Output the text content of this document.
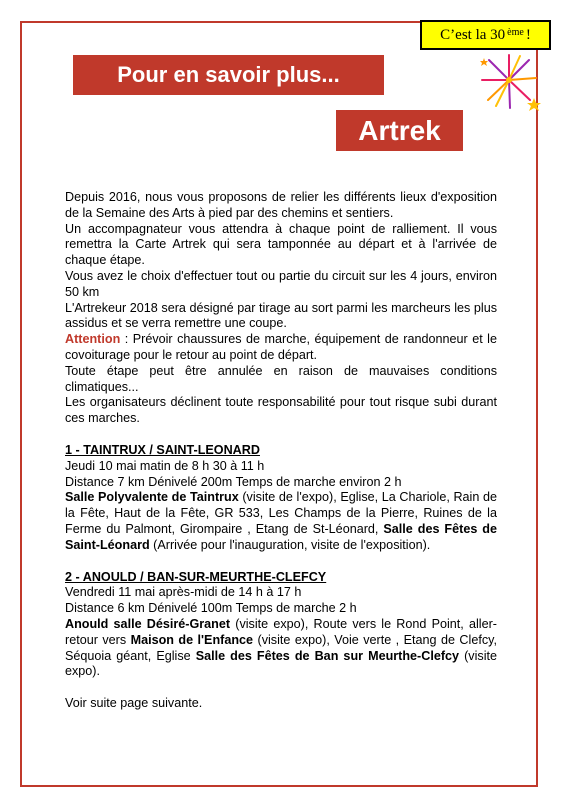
C’est la 30ème !
Pour en savoir plus...
Artrek

Depuis 2016, nous vous proposons de relier les différents lieux d'exposition de la Semaine des Arts à pied par des chemins et sentiers.

Un accompagnateur vous attendra à chaque point de ralliement. Il vous remettra la Carte Artrek qui sera tamponnée au départ et à l'arrivée de chaque étape.

Vous avez le choix d'effectuer tout ou partie du circuit sur les 4 jours, environ 50 km

L'Artrekeur 2018 sera désigné par tirage au sort parmi les marcheurs les plus assidus et se verra remettre une coupe.

Attention : Prévoir chaussures de marche, équipement de randonneur et le covoiturage pour le retour au point de départ.

Toute étape peut être annulée en raison de mauvaises conditions climatiques...

Les organisateurs déclinent toute responsabilité pour tout risque subi durant ces marches.

1 - TAINTRUX / SAINT-LEONARD

Jeudi 10 mai matin de 8 h 30 à 11 h

Distance 7 km Dénivelé 200m Temps de marche environ 2 h

Salle Polyvalente de Taintrux (visite de l'expo), Eglise, La Chariole, Rain de la Fête, Haut de la Fête, GR 533, Les Champs de la Pierre, Ruines de la Ferme du Palmont, Girompaire , Etang de St-Léonard, Salle des Fêtes de Saint-Léonard (Arrivée pour l'inauguration, visite de l'exposition).

2 - ANOULD / BAN-SUR-MEURTHE-CLEFCY

Vendredi 11 mai après-midi de 14 h à 17 h

Distance 6 km Dénivelé 100m Temps de marche 2 h

Anould salle Désiré-Granet (visite expo), Route vers le Rond Point, aller-retour vers Maison de l'Enfance (visite expo), Voie verte , Etang de Clefcy, Séquoia géant, Eglise Salle des Fêtes de Ban sur Meurthe-Clefcy (visite expo).

Voir suite page suivante.
